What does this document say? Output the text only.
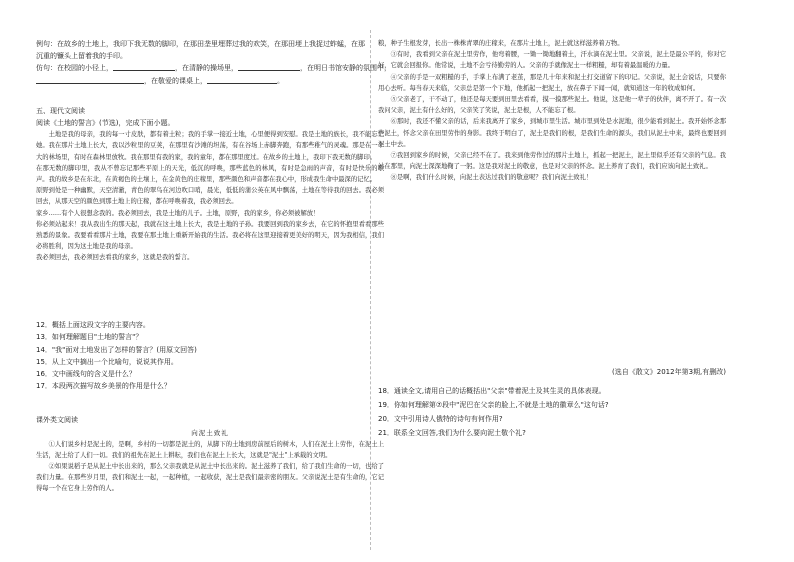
例句：在故乡的土地上，我印下我无数的脚印，在那田垄里埋葬过我的欢笑，在那田埂上我捉过蚱蜢，在那
沉重的镰头上留着我的手印。
仿句：在校园的小径上，	，在清静的操场里，	，在明日书馆安静的氛围中，
，在敬爱的课桌上，	。
五、现代文阅读
阅读《土地的誓言》(节选)，完成下面小题。

土地是我的母亲，我的每一寸皮肤，都有着土粒；我的手掌一接近土地，心里便得到安慰。我是土地的族长，我不能忘记她。我在那片土地上长大，我以沙粒里的豆荚，在那里有沙滩的坦荡，有在谷场上赤脚奔跑，有那些稚气的灵魂。那是在一个大的林场里，有时在森林里放牧。我在那里有我的家，我的童年，都在那里度过。在故乡的土地上，我印下我无数的脚印。

在那无数的脚印里，我从不曾忘记那些平原上的天光，低沉的呼唤，那些蓝色的林风，有时是急雨的声音，有时是快乐的歌声。我的故乡是在东北，在黄褐色的土壤上，在金黄色的庄稼里，那些颜色和声音都在我心中，形成我生命中最深的记忆。

原野到处是一种幽默，天空清澈，青色的翠鸟在河边吹口哨，晨光，低低的蒲公英在风中飘荡，土地在等待我的回去。我必须回去，从那天空的颜色到那土地上的庄稼，都在呼唤着我，我必须回去。

家乡……有个人很想念我的。我必须回去，我是土地的儿子。土地，原野，我的家乡，你必须被解放！

你必须站起来！我从我出生的那天起，我就在这土地上长大，我是土地的子孙。我要回到我的家乡去，在它的怀抱里看看那些熟悉的景象。我要看看那片土地，我要在那土地上重新开始我的生活。我必将在这里迎接着更美好的明天，因为我相信，我们必将胜利，因为这土地是我的母亲。

我必须回去，我必须回去看我的家乡，这就是我的誓言。

12．概括上面这段文字的主要内容。
13．如何理解题目"土地的誓言"？
14．"我"面对土地发出了怎样的誓言？(用原文回答)
15．从上文中摘出一个比喻句，说说其作用。
16．文中画线句的含义是什么？
17．本段两次描写故乡美景的作用是什么？
课外类文阅读
向泥土致礼

①人们说乡村是泥土的，是啊，乡村的一切都是泥土的，从脚下的土地到房前屋后的树木，人们在泥土上劳作，在泥土上生活，泥土给了人们一切。我们的祖先在泥土上耕耘，我们也在泥土上长大，这就是"泥土"上承载的文明。

②如果说稻子是从泥土中长出来的，那么父亲我就是从泥土中长出来的。泥土滋养了我们，给了我们生命的一切，也给了我们力量。在那些岁月里，我们和泥土一起，一起种植，一起收获，泥土是我们最亲密的朋友。父亲说泥土是有生命的，它记得每一个在它身上劳作的人。

粮，种子生根发芽，长出一株株青翠的庄稼来，在那片土地上，泥土就这样滋养着万物。

③有时，我看到父亲在泥土里劳作，他弯着腰，一锄一锄地翻着土，汗水滴在泥土里。父亲说，泥土是最公平的，你对它好，它就会回报你。他常说，土地不会亏待勤劳的人。父亲的手就像泥土一样粗糙，却有着最温暖的力量。

④父亲的手是一双粗糙的手，手掌上布满了老茧，那是几十年来和泥土打交道留下的印记。父亲说，泥土会说话，只要你用心去听。每当春天来临，父亲总是第一个下地，他抓起一把泥土，放在鼻子下闻一闻，就知道这一年的收成如何。

⑤父亲老了，干不动了，他还是每天要到田里去看看，摸一摸那些泥土。他说，这是他一辈子的伙伴，离不开了。有一次我问父亲，泥土有什么好的，父亲笑了笑说，泥土是根，人不能忘了根。

⑥那时，我还不懂父亲的话，后来我离开了家乡，到城市里生活。城市里到处是水泥地，很少能看到泥土。我开始怀念那些泥土，怀念父亲在田里劳作的身影。我终于明白了，泥土是我们的根，是我们生命的源头，我们从泥土中来，最终也要回到泥土中去。

⑦我回到家乡的时候，父亲已经不在了。我来到他劳作过的那片土地上，抓起一把泥土，泥土里似乎还有父亲的气息。我站在那里，向泥土深深地鞠了一躬。这是我对泥土的敬意，也是对父亲的怀念。泥土养育了我们，我们应该向泥土致礼。

⑧是啊，我们什么时候，向泥土表达过我们的敬意呢？我们向泥土致礼！

(选自《散文》2012年第3期,有删改)
18．通读全文,请用自己的话概括出"父亲"带着泥土及其生灵的具体表现。
19．你如何理解第⑦段中"泥巴在父亲的脸上,不就是土地的徽章么"这句话?
20．文中引用诗人俄特的诗句有何作用?
21．联系全文回答,我们为什么要向泥土敬个礼?
